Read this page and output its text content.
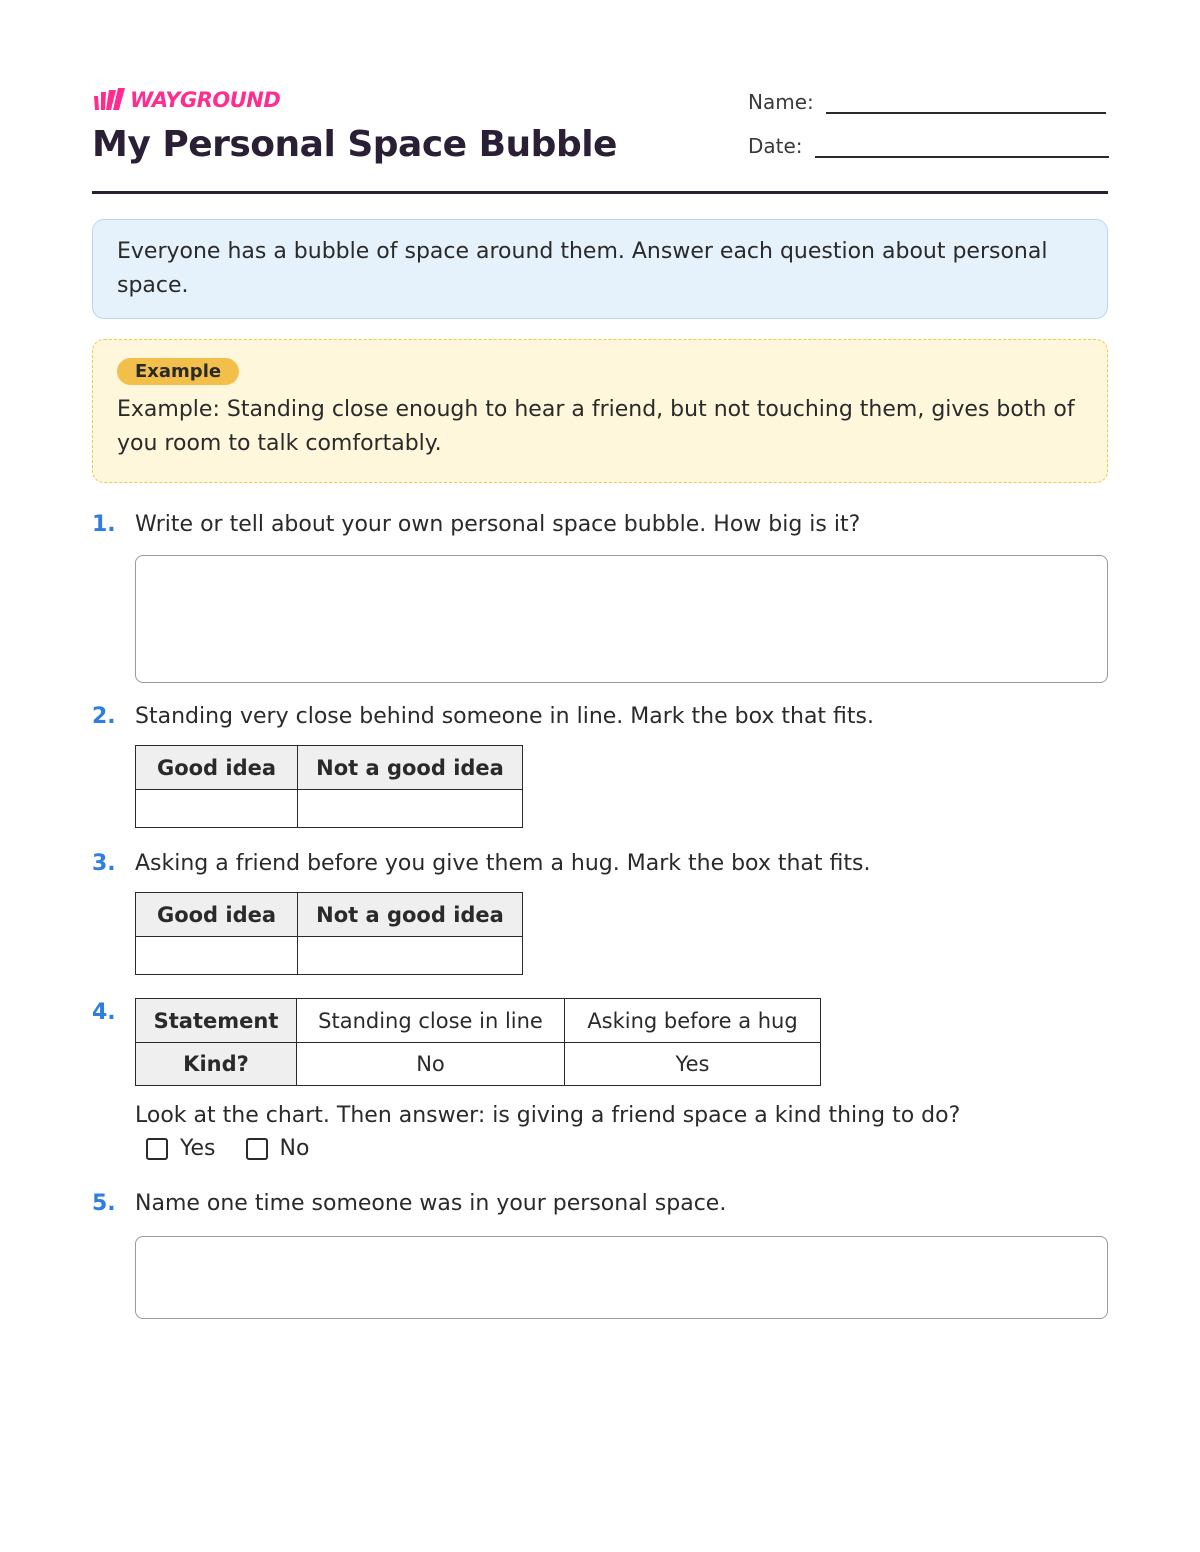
WAYGROUND
My Personal Space Bubble
Name:
Date:
Everyone has a bubble of space around them. Answer each question about personal space.
Example
Example: Standing close enough to hear a friend, but not touching them, gives both of you room to talk comfortably.
1. Write or tell about your own personal space bubble. How big is it?
2. Standing very close behind someone in line. Mark the box that fits.
Good idea	Not a good idea

3. Asking a friend before you give them a hug. Mark the box that fits.
Good idea	Not a good idea

4. Statement	Standing close in line	Asking before a hug
Kind?	No	Yes
Look at the chart. Then answer: is giving a friend space a kind thing to do?
Yes	No
5. Name one time someone was in your personal space.
